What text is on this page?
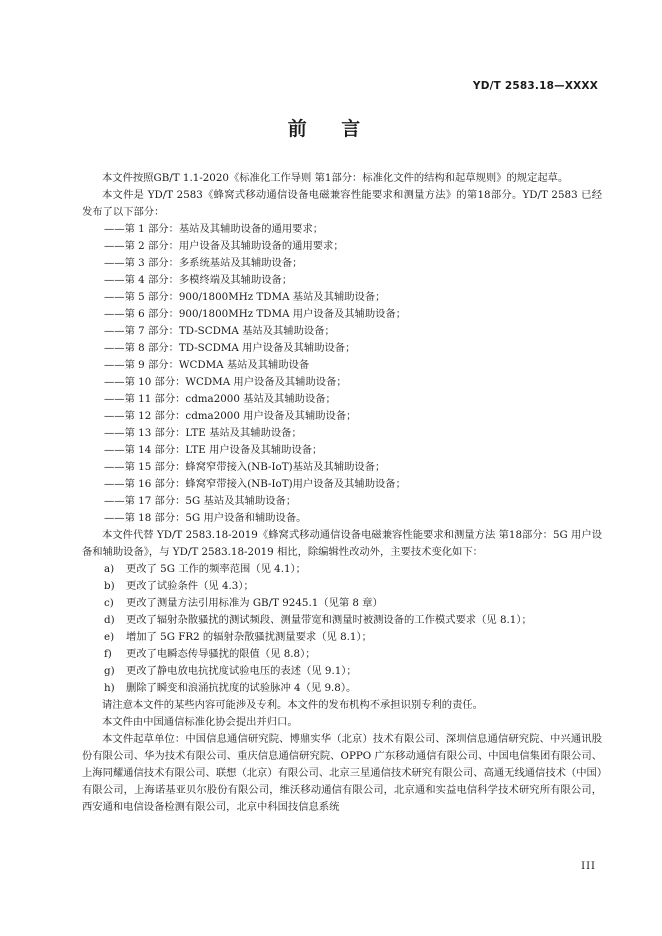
YD/T 2583.18—XXXX
前 言

本文件按照GB/T 1.1-2020《标准化工作导则 第1部分：标准化文件的结构和起草规则》的规定起草。

本文件是 YD/T 2583《蜂窝式移动通信设备电磁兼容性能要求和测量方法》的第18部分。YD/T 2583 已经发布了以下部分：

——第 1 部分：基站及其辅助设备的通用要求；

——第 2 部分：用户设备及其辅助设备的通用要求；

——第 3 部分：多系统基站及其辅助设备；

——第 4 部分：多模终端及其辅助设备；

——第 5 部分：900/1800MHz TDMA 基站及其辅助设备；

——第 6 部分：900/1800MHz TDMA 用户设备及其辅助设备；

——第 7 部分：TD-SCDMA 基站及其辅助设备；

——第 8 部分：TD-SCDMA 用户设备及其辅助设备；

——第 9 部分：WCDMA 基站及其辅助设备

——第 10 部分：WCDMA 用户设备及其辅助设备；

——第 11 部分：cdma2000 基站及其辅助设备；

——第 12 部分：cdma2000 用户设备及其辅助设备；

——第 13 部分：LTE 基站及其辅助设备；

——第 14 部分：LTE 用户设备及其辅助设备；

——第 15 部分：蜂窝窄带接入(NB-IoT)基站及其辅助设备；

——第 16 部分：蜂窝窄带接入(NB-IoT)用户设备及其辅助设备；

——第 17 部分：5G 基站及其辅助设备；

——第 18 部分：5G 用户设备和辅助设备。

本文件代替 YD/T 2583.18-2019《蜂窝式移动通信设备电磁兼容性能要求和测量方法 第18部分：5G 用户设备和辅助设备》，与 YD/T 2583.18-2019 相比，除编辑性改动外，主要技术变化如下：

a) 更改了 5G 工作的频率范围（见 4.1）；

b) 更改了试验条件（见 4.3）；

c) 更改了测量方法引用标准为 GB/T 9245.1（见第 8 章）

d) 更改了辐射杂散骚扰的测试频段、测量带宽和测量时被测设备的工作模式要求（见 8.1）；

e) 增加了 5G FR2 的辐射杂散骚扰测量要求（见 8.1）；

f) 更改了电瞬态传导骚扰的限值（见 8.8）；

g) 更改了静电放电抗扰度试验电压的表述（见 9.1）；

h) 删除了瞬变和浪涌抗扰度的试验脉冲 4（见 9.8）。

请注意本文件的某些内容可能涉及专利。本文件的发布机构不承担识别专利的责任。

本文件由中国通信标准化协会提出并归口。

本文件起草单位：中国信息通信研究院、博鼎实华（北京）技术有限公司、深圳信息通信研究院、中兴通讯股份有限公司、华为技术有限公司、重庆信息通信研究院、OPPO 广东移动通信有限公司、中国电信集团有限公司、上海同耀通信技术有限公司、联想（北京）有限公司、北京三星通信技术研究有限公司、高通无线通信技术（中国）有限公司，上海诺基亚贝尔股份有限公司，维沃移动通信有限公司，北京通和实益电信科学技术研究所有限公司，西安通和电信设备检测有限公司，北京中科国技信息系统

III
